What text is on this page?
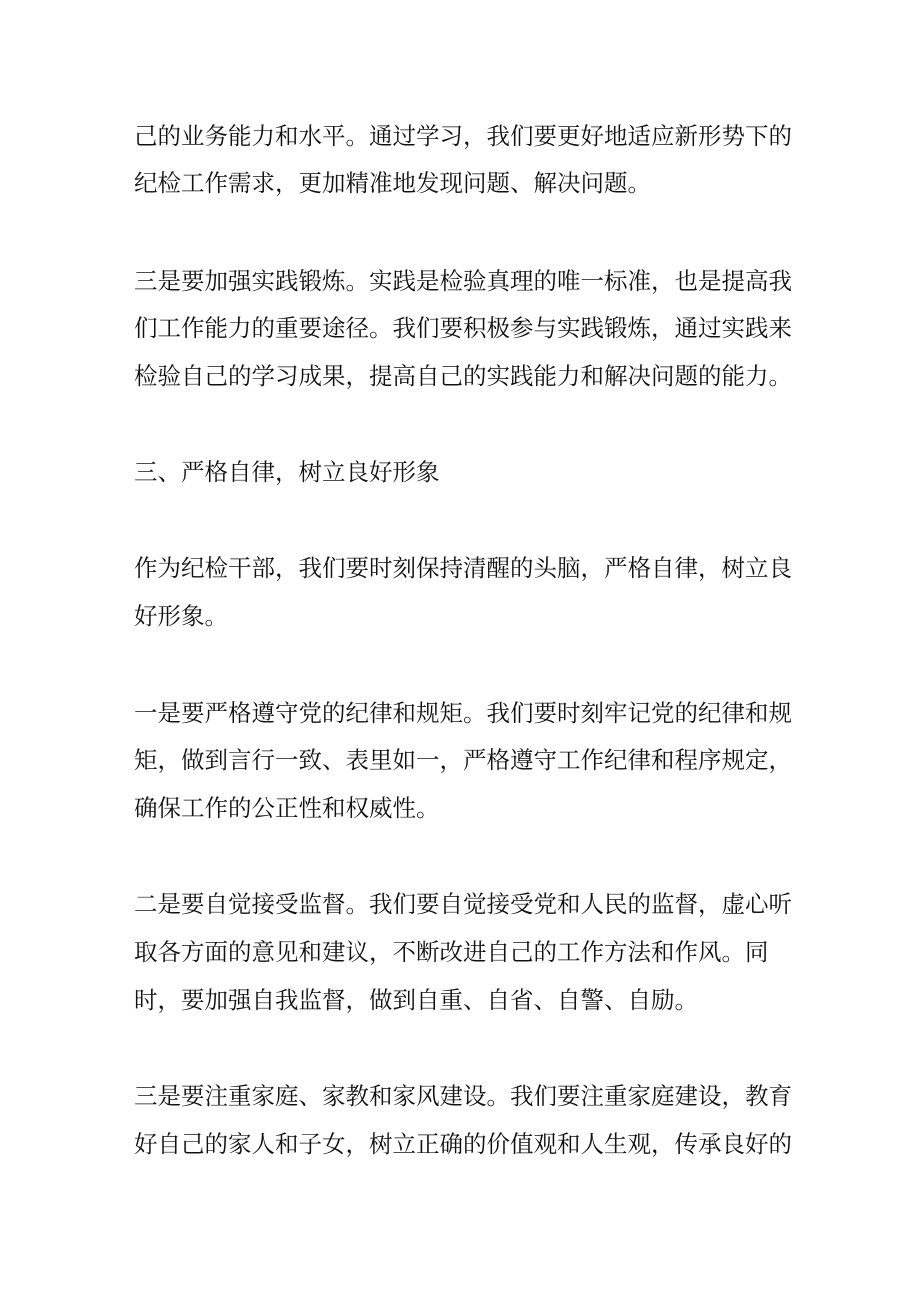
己的业务能力和水平。通过学习，我们要更好地适应新形势下的
纪检工作需求，更加精准地发现问题、解决问题。
三是要加强实践锻炼。实践是检验真理的唯一标准，也是提高我
们工作能力的重要途径。我们要积极参与实践锻炼，通过实践来
检验自己的学习成果，提高自己的实践能力和解决问题的能力。
三、严格自律，树立良好形象
作为纪检干部，我们要时刻保持清醒的头脑，严格自律，树立良
好形象。
一是要严格遵守党的纪律和规矩。我们要时刻牢记党的纪律和规
矩，做到言行一致、表里如一，严格遵守工作纪律和程序规定，
确保工作的公正性和权威性。
二是要自觉接受监督。我们要自觉接受党和人民的监督，虚心听
取各方面的意见和建议，不断改进自己的工作方法和作风。同
时，要加强自我监督，做到自重、自省、自警、自励。
三是要注重家庭、家教和家风建设。我们要注重家庭建设，教育
好自己的家人和子女，树立正确的价值观和人生观，传承良好的
